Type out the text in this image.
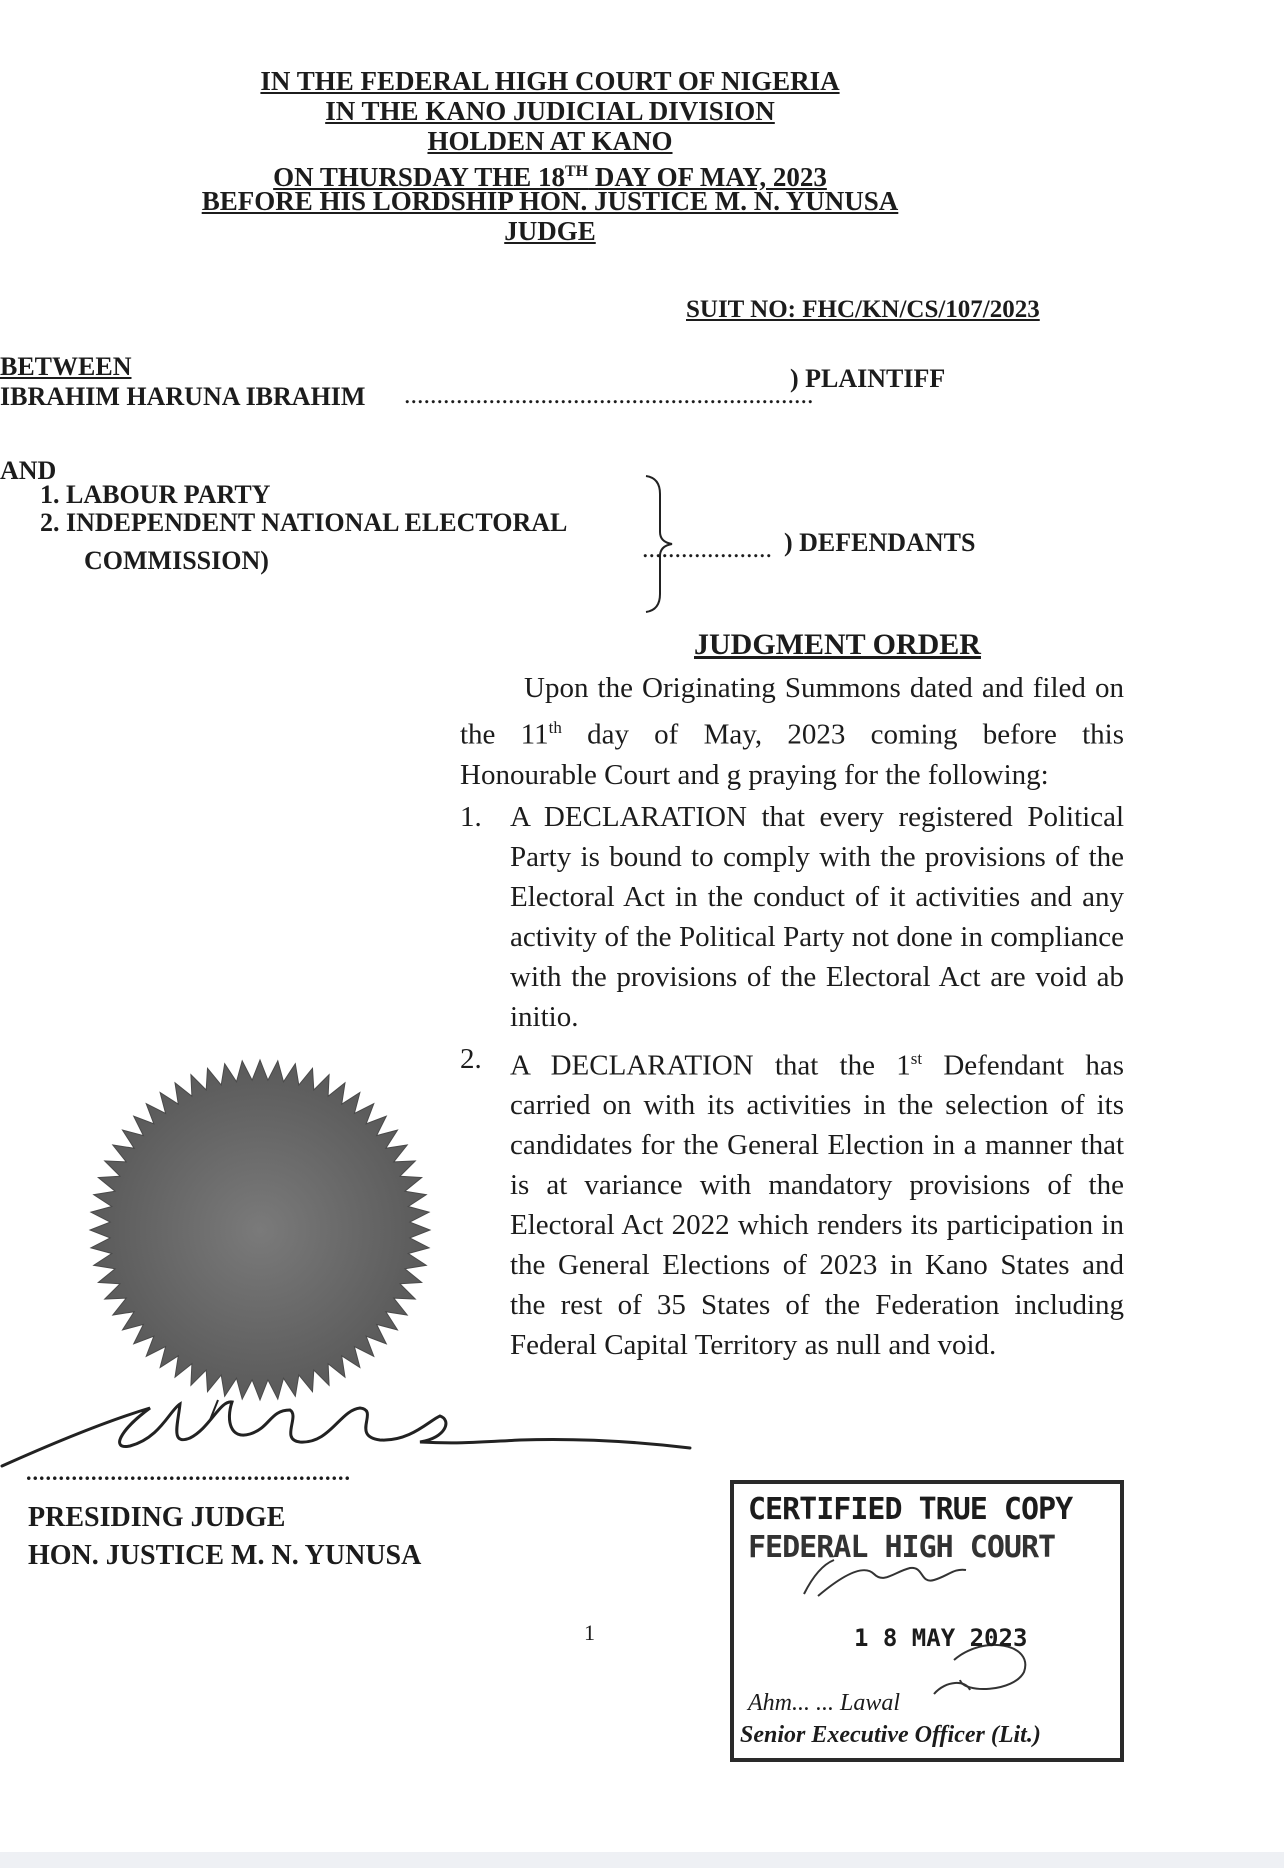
IN THE FEDERAL HIGH COURT OF NIGERIA
IN THE KANO JUDICIAL DIVISION
HOLDEN AT KANO
ON THURSDAY THE 18TH DAY OF MAY, 2023
BEFORE HIS LORDSHIP HON. JUSTICE M. N. YUNUSA
JUDGE
SUIT NO: FHC/KN/CS/107/2023
BETWEEN
IBRAHIM HARUNA IBRAHIM ...............................................................
) PLAINTIFF
AND
1. LABOUR PARTY
2. INDEPENDENT NATIONAL ELECTORAL
COMMISSION)	.................... ) DEFENDANTS
JUDGMENT ORDER

Upon the Originating Summons dated and filed on the 11th day of May, 2023 coming before this Honourable Court and g praying for the following:

1. A DECLARATION that every registered Political Party is bound to comply with the provisions of the Electoral Act in the conduct of it activities and any activity of the Political Party not done in compliance with the provisions of the Electoral Act are void ab initio.
2. A DECLARATION that the 1st Defendant has carried on with its activities in the selection of its candidates for the General Election in a manner that is at variance with mandatory provisions of the Electoral Act 2022 which renders its participation in the General Elections of 2023 in Kano States and the rest of 35 States of the Federation including Federal Capital Territory as null and void.
..................................................
PRESIDING JUDGE
HON. JUSTICE M. N. YUNUSA
1
CERTIFIED TRUE COPY
FEDERAL HIGH COURT
1 8 MAY 2023
Ahm... ... Lawal
Senior Executive Officer (Lit.)
